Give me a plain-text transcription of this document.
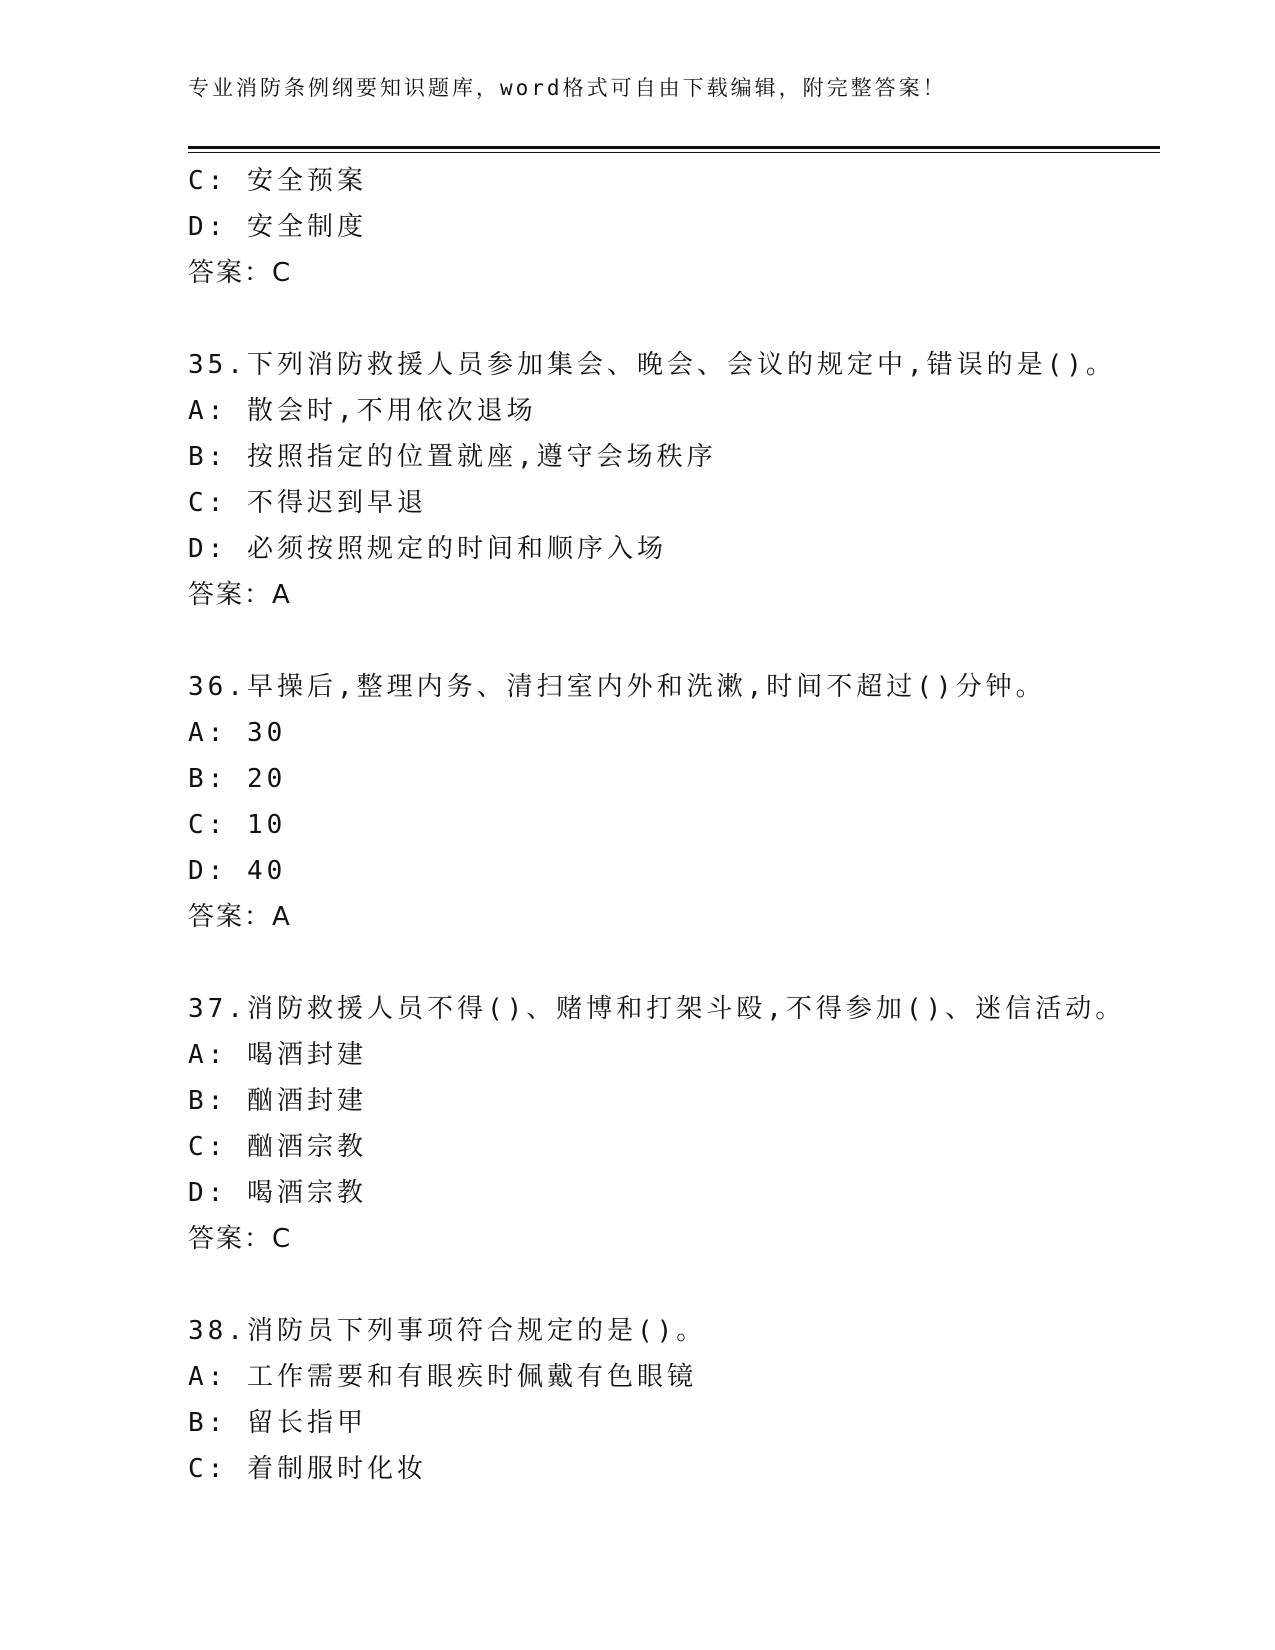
专业消防条例纲要知识题库，word格式可自由下载编辑，附完整答案！
C: 安全预案
D: 安全制度
答案：C
35.下列消防救援人员参加集会、晚会、会议的规定中,错误的是()。
A: 散会时,不用依次退场
B: 按照指定的位置就座,遵守会场秩序
C: 不得迟到早退
D: 必须按照规定的时间和顺序入场
答案：A
36.早操后,整理内务、清扫室内外和洗漱,时间不超过()分钟。
A: 30
B: 20
C: 10
D: 40
答案：A
37.消防救援人员不得()、赌博和打架斗殴,不得参加()、迷信活动。
A: 喝酒封建
B: 酗酒封建
C: 酗酒宗教
D: 喝酒宗教
答案：C
38.消防员下列事项符合规定的是()。
A: 工作需要和有眼疾时佩戴有色眼镜
B: 留长指甲
C: 着制服时化妆
